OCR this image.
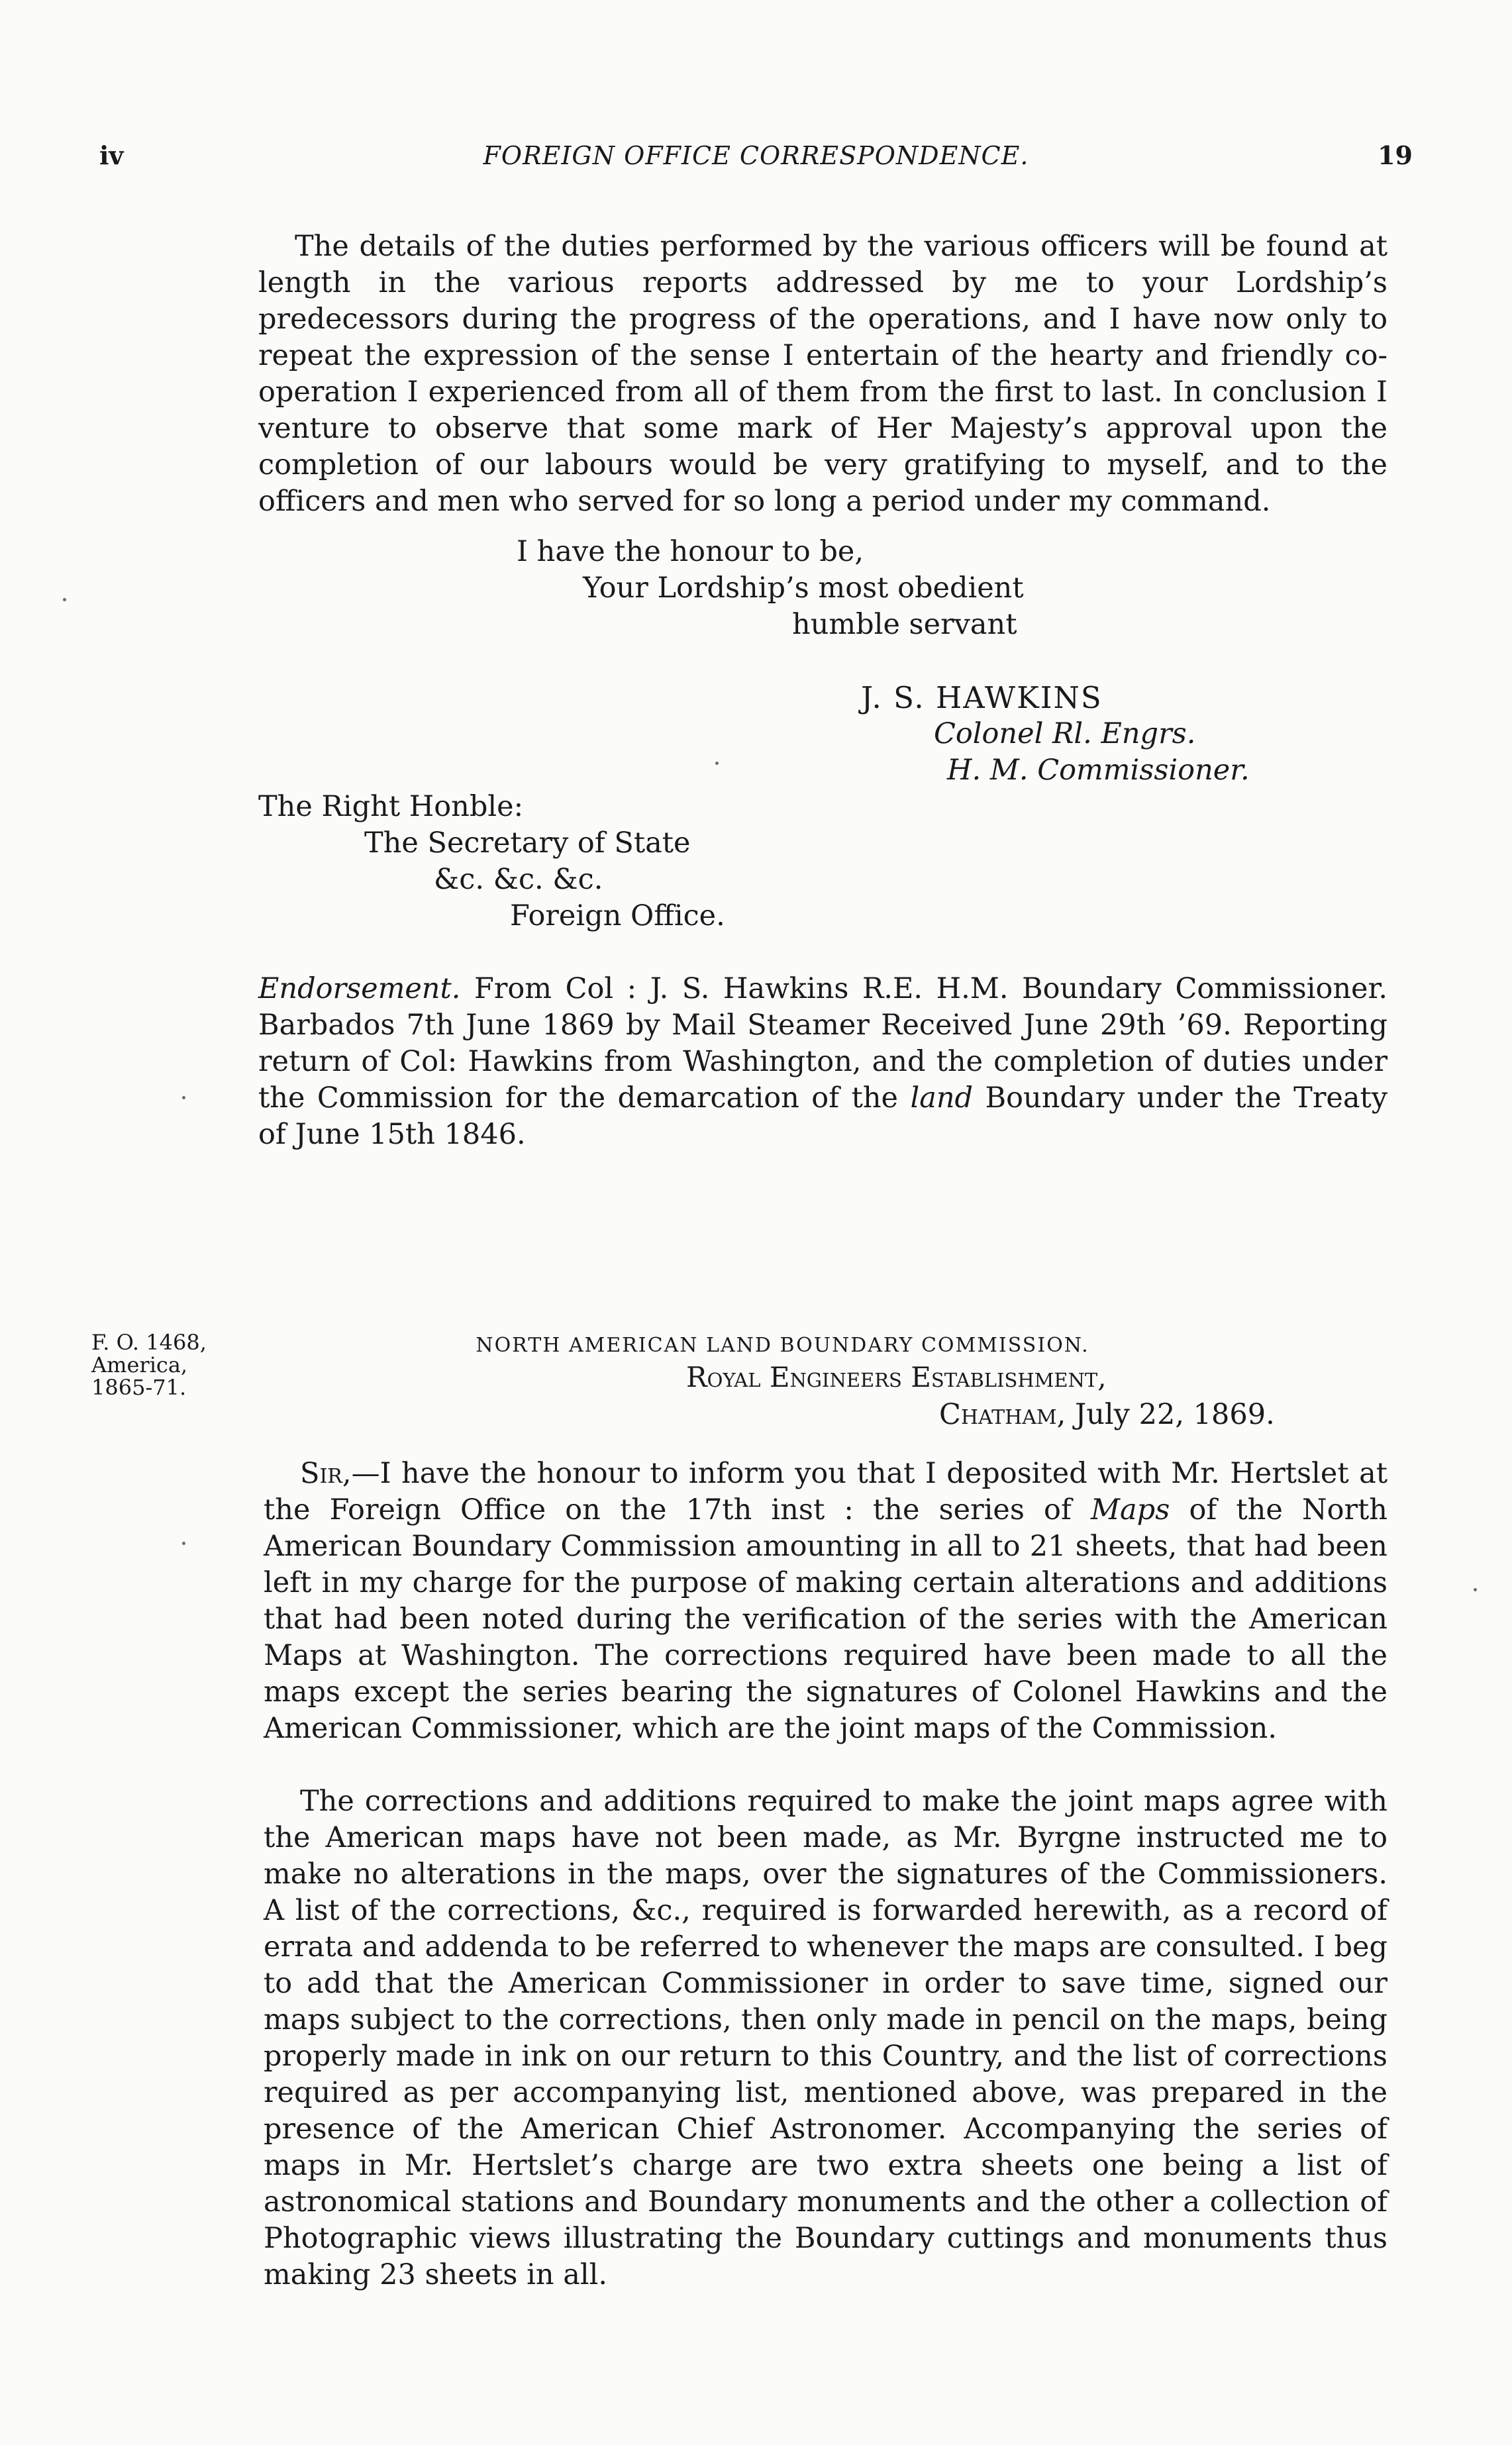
iv	FOREIGN OFFICE CORRESPONDENCE.	19

The details of the duties performed by the various officers will be found at length in the various reports addressed by me to your Lordship’s predecessors during the progress of the operations, and I have now only to repeat the expression of the sense I entertain of the hearty and friendly co-operation I experienced from all of them from the first to last. In conclusion I venture to observe that some mark of Her Majesty’s approval upon the completion of our labours would be very gratifying to myself, and to the officers and men who served for so long a period under my command.

I have the honour to be,

Your Lordship’s most obedient

humble servant

J. S. HAWKINS
Colonel Rl. Engrs.
H. M. Commissioner.
The Right Honble:
The Secretary of State
&c. &c. &c.
Foreign Office.

Endorsement. From Col : J. S. Hawkins R.E. H.M. Boundary Commissioner. Barbados 7th June 1869 by Mail Steamer Received June 29th ’69. Reporting return of Col: Hawkins from Washington, and the completion of duties under the Commission for the demarcation of the land Boundary under the Treaty of June 15th 1846.

F. O. 1468,
America,
1865-71.
NORTH AMERICAN LAND BOUNDARY COMMISSION.
Royal Engineers Establishment,
Chatham, July 22, 1869.

Sir,—I have the honour to inform you that I deposited with Mr. Hertslet at the Foreign Office on the 17th inst : the series of Maps of the North American Boundary Commission amounting in all to 21 sheets, that had been left in my charge for the purpose of making certain alterations and additions that had been noted during the verification of the series with the American Maps at Washington. The corrections required have been made to all the maps except the series bearing the signatures of Colonel Hawkins and the American Commissioner, which are the joint maps of the Commission.

The corrections and additions required to make the joint maps agree with the American maps have not been made, as Mr. Byrgne instructed me to make no alterations in the maps, over the signatures of the Commissioners. A list of the corrections, &c., required is forwarded herewith, as a record of errata and addenda to be referred to whenever the maps are consulted. I beg to add that the American Commissioner in order to save time, signed our maps subject to the corrections, then only made in pencil on the maps, being properly made in ink on our return to this Country, and the list of corrections required as per accompanying list, mentioned above, was prepared in the presence of the American Chief Astronomer. Accompanying the series of maps in Mr. Hertslet’s charge are two extra sheets one being a list of astronomical stations and Boundary monuments and the other a collection of Photographic views illustrating the Boundary cuttings and monuments thus making 23 sheets in all.
